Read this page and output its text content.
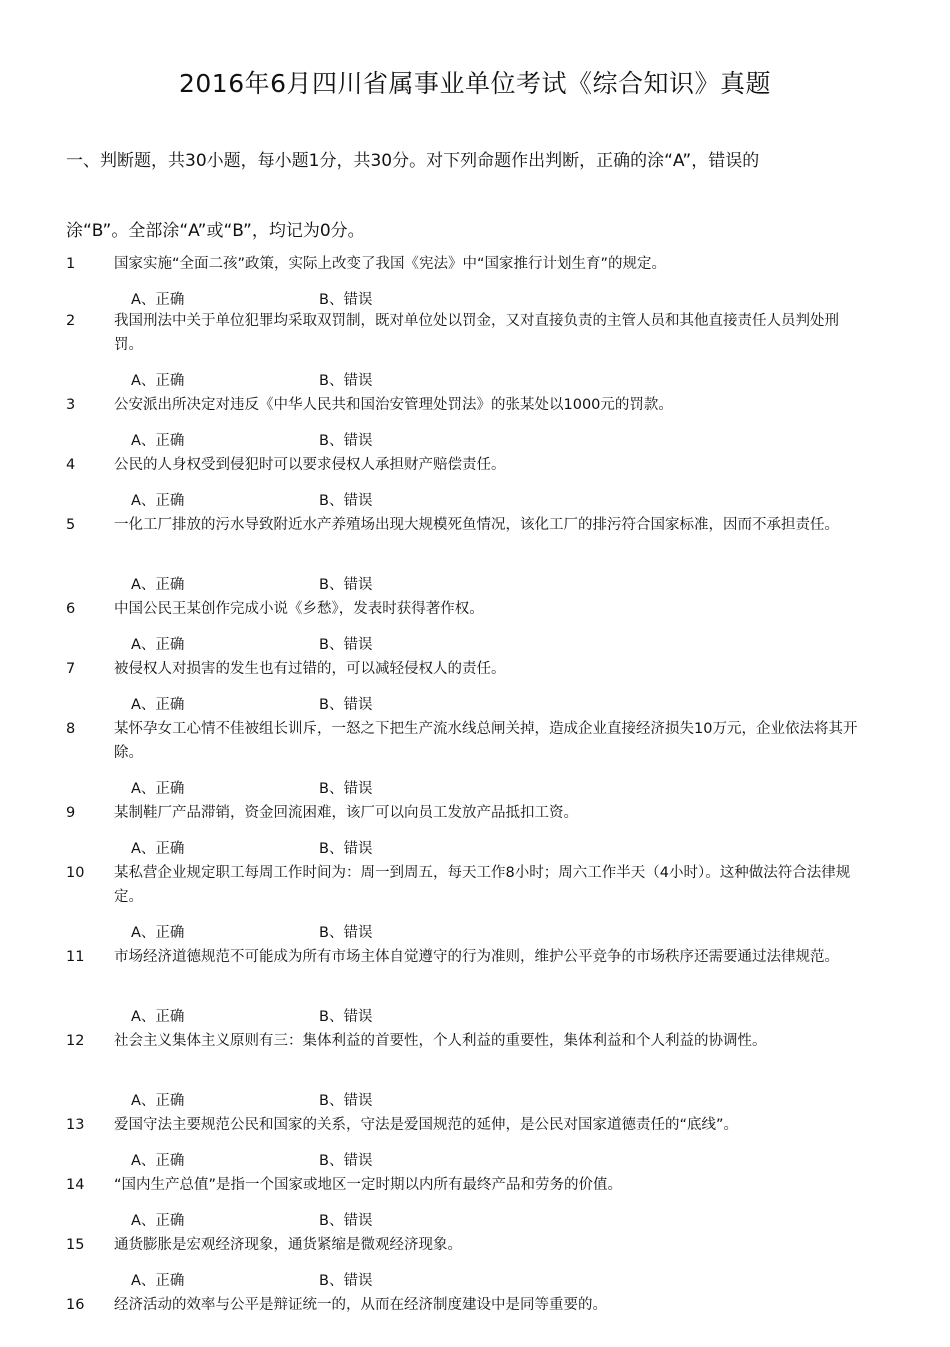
2016年6月四川省属事业单位考试《综合知识》真题
一、判断题，共30小题，每小题1分，共30分。对下列命题作出判断，正确的涂“A”，错误的
涂“B”。全部涂“A”或“B”，均记为0分。
1	国家实施“全面二孩”政策，实际上改变了我国《宪法》中“国家推行计划生育”的规定。
A、正确	B、错误
2	我国刑法中关于单位犯罪均采取双罚制，既对单位处以罚金，又对直接负责的主管人员和其他直接责任人员判处刑罚。
A、正确	B、错误
3	公安派出所决定对违反《中华人民共和国治安管理处罚法》的张某处以1000元的罚款。
A、正确	B、错误
4	公民的人身权受到侵犯时可以要求侵权人承担财产赔偿责任。
A、正确	B、错误
5	一化工厂排放的污水导致附近水产养殖场出现大规模死鱼情况，该化工厂的排污符合国家标准，因而不承担责任。
A、正确	B、错误
6	中国公民王某创作完成小说《乡愁》，发表时获得著作权。
A、正确	B、错误
7	被侵权人对损害的发生也有过错的，可以减轻侵权人的责任。
A、正确	B、错误
8	某怀孕女工心情不佳被组长训斥，一怒之下把生产流水线总闸关掉，造成企业直接经济损失10万元，企业依法将其开除。
A、正确	B、错误
9	某制鞋厂产品滞销，资金回流困难，该厂可以向员工发放产品抵扣工资。
A、正确	B、错误
10 某私营企业规定职工每周工作时间为：周一到周五，每天工作8小时；周六工作半天（4小时）。这种做法符合法律规定。
A、正确	B、错误
11 市场经济道德规范不可能成为所有市场主体自觉遵守的行为准则，维护公平竞争的市场秩序还需要通过法律规范。
A、正确	B、错误
12 社会主义集体主义原则有三：集体利益的首要性，个人利益的重要性，集体利益和个人利益的协调性。
A、正确	B、错误
13 爱国守法主要规范公民和国家的关系，守法是爱国规范的延伸，是公民对国家道德责任的“底线”。
A、正确	B、错误
14 “国内生产总值”是指一个国家或地区一定时期以内所有最终产品和劳务的价值。
A、正确	B、错误
15 通货膨胀是宏观经济现象，通货紧缩是微观经济现象。
A、正确	B、错误
16 经济活动的效率与公平是辩证统一的，从而在经济制度建设中是同等重要的。
